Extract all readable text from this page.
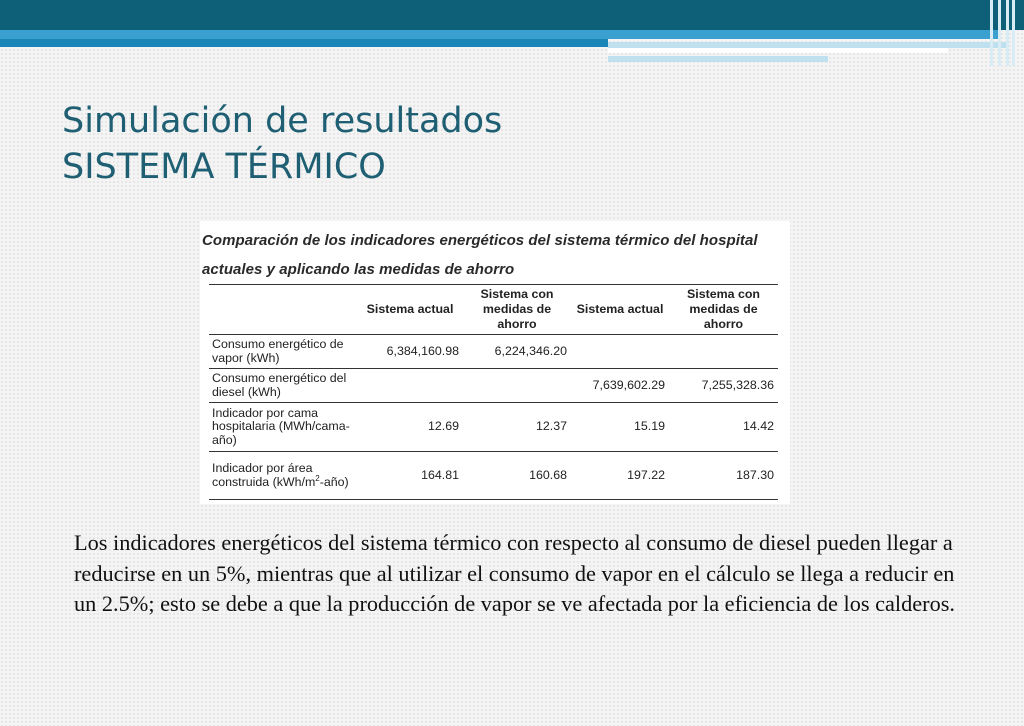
Simulación de resultados
SISTEMA TÉRMICO

Comparación de los indicadores energéticos del sistema térmico del hospital actuales y aplicando las medidas de ahorro

	Sistema actual	Sistema con medidas de ahorro	Sistema actual	Sistema con medidas de ahorro
Consumo energético de vapor (kWh)	6,384,160.98	6,224,346.20		
Consumo energético del diesel (kWh)			7,639,602.29	7,255,328.36
Indicador por cama hospitalaria (MWh/cama-año)	12.69	12.37	15.19	14.42
Indicador por área construida $(kWh/m^2-año)$	164.81	160.68	197.22	187.30

Los indicadores energéticos del sistema térmico con respecto al consumo de diesel pueden llegar a reducirse en un 5%, mientras que al utilizar el consumo de vapor en el cálculo se llega a reducir en un 2.5%; esto se debe a que la producción de vapor se ve afectada por la eficiencia de los calderos.
